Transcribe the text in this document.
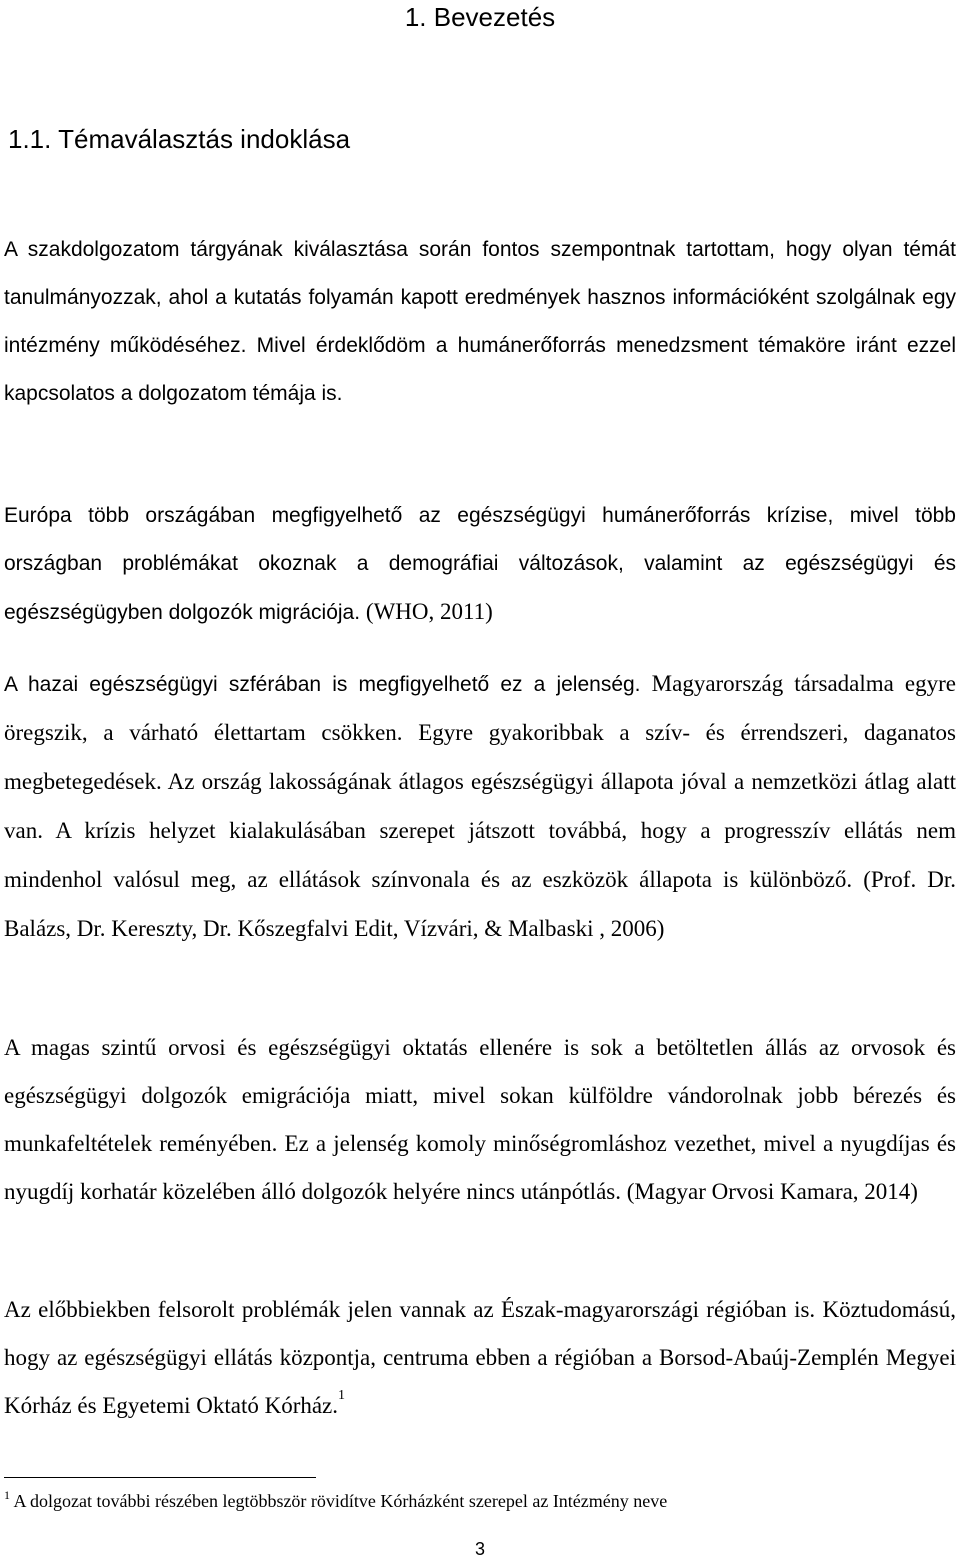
1. Bevezetés
1.1. Témaválasztás indoklása

A szakdolgozatom tárgyának kiválasztása során fontos szempontnak tartottam, hogy olyan témát tanulmányozzak, ahol a kutatás folyamán kapott eredmények hasznos információként szolgálnak egy intézmény működéséhez. Mivel érdeklődöm a humánerőforrás menedzsment témaköre iránt ezzel kapcsolatos a dolgozatom témája is.

Európa több országában megfigyelhető az egészségügyi humánerőforrás krízise, mivel több országban problémákat okoznak a demográfiai változások, valamint az egészségügyi és egészségügyben dolgozók migrációja. (WHO, 2011)

A hazai egészségügyi szférában is megfigyelhető ez a jelenség. Magyarország társadalma egyre öregszik, a várható élettartam csökken. Egyre gyakoribbak a szív- és érrendszeri, daganatos megbetegedések. Az ország lakosságának átlagos egészségügyi állapota jóval a nemzetközi átlag alatt van. A krízis helyzet kialakulásában szerepet játszott továbbá, hogy a progresszív ellátás nem mindenhol valósul meg, az ellátások színvonala és az eszközök állapota is különböző. (Prof. Dr. Balázs, Dr. Kereszty, Dr. Kőszegfalvi Edit, Vízvári, & Malbaski , 2006)

A magas szintű orvosi és egészségügyi oktatás ellenére is sok a betöltetlen állás az orvosok és egészségügyi dolgozók emigrációja miatt, mivel sokan külföldre vándorolnak jobb bérezés és munkafeltételek reményében. Ez a jelenség komoly minőségromláshoz vezethet, mivel a nyugdíjas és nyugdíj korhatár közelében álló dolgozók helyére nincs utánpótlás. (Magyar Orvosi Kamara, 2014)

Az előbbiekben felsorolt problémák jelen vannak az Észak-magyarországi régióban is. Köztudomású, hogy az egészségügyi ellátás központja, centruma ebben a régióban a Borsod-Abaúj-Zemplén Megyei Kórház és Egyetemi Oktató Kórház.$^1$

$^1$ A dolgozat további részében legtöbbször rövidítve Kórházként szerepel az Intézmény neve

3
